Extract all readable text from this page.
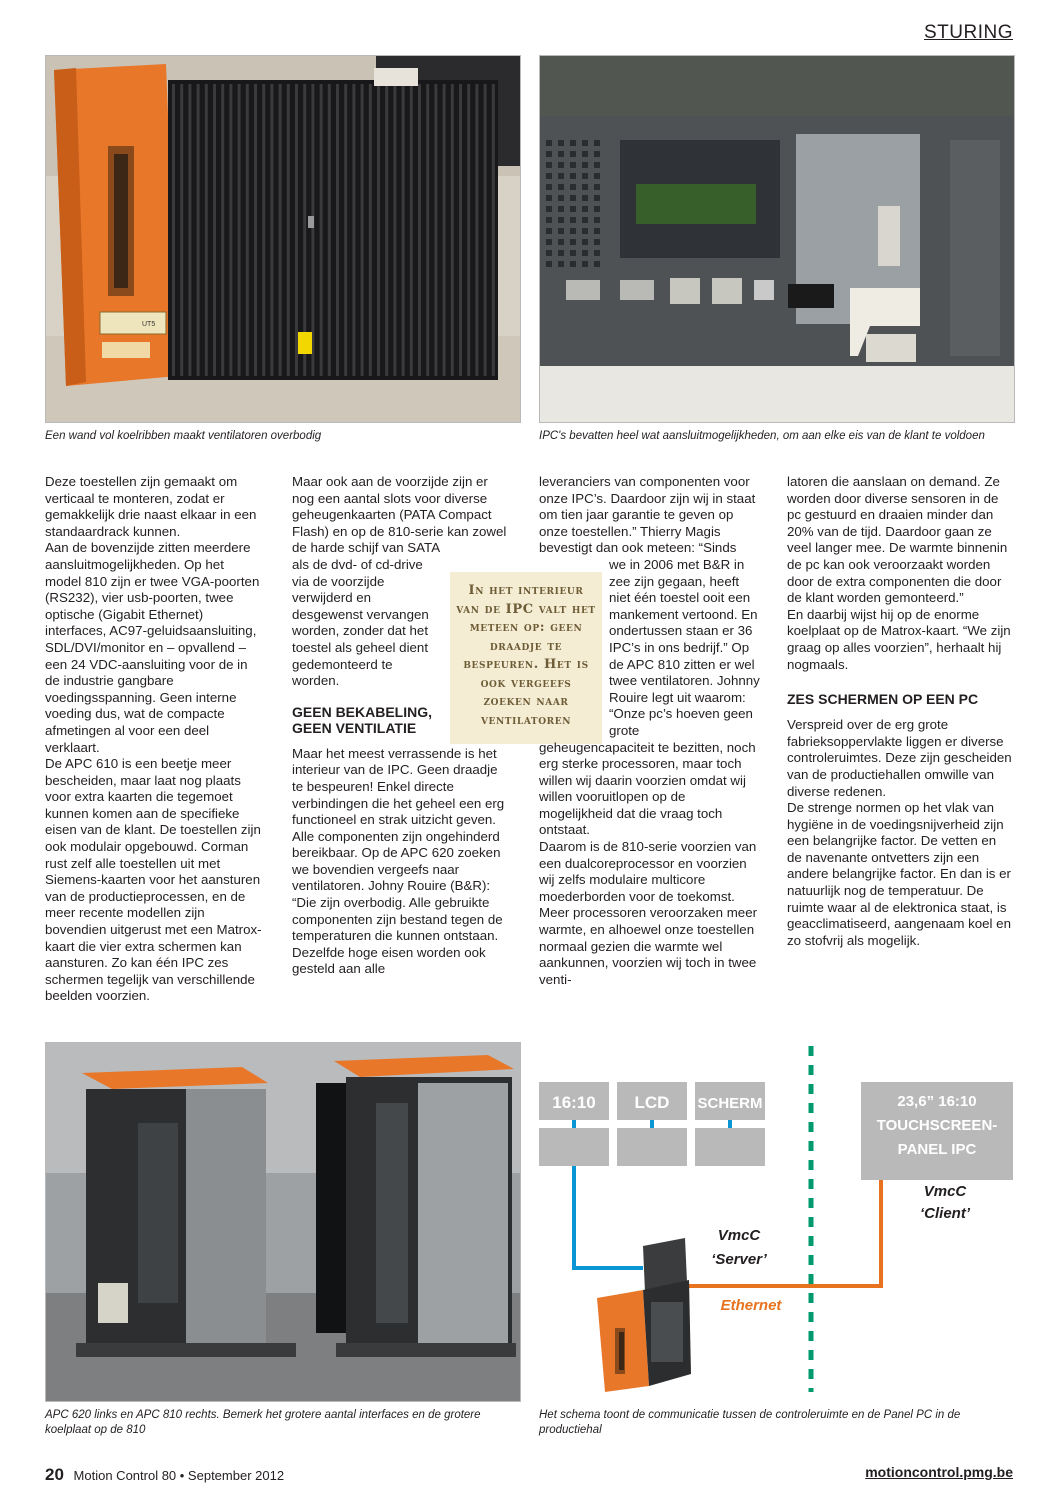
STURING
UT5
Een wand vol koelribben maakt ventilatoren overbodig	IPC's bevatten heel wat aansluitmogelijkheden, om aan elke eis van de klant te voldoen

Deze toestellen zijn gemaakt om verticaal te monteren, zodat er gemakkelijk drie naast elkaar in een standaardrack kunnen.

Aan de bovenzijde zitten meerdere aansluitmogelijkheden. Op het model 810 zijn er twee VGA-poorten (RS232), vier usb-poorten, twee optische (Gigabit Ethernet) interfaces, AC97-geluidsaansluiting, SDL/DVI/monitor en – opvallend – een 24 VDC-aansluiting voor de in de industrie gangbare voedingsspanning. Geen interne voeding dus, wat de compacte afmetingen al voor een deel verklaart.

De APC 610 is een beetje meer bescheiden, maar laat nog plaats voor extra kaarten die tegemoet kunnen komen aan de specifieke eisen van de klant. De toestellen zijn ook modulair opgebouwd. Corman rust zelf alle toestellen uit met Siemens-kaarten voor het aansturen van de productieprocessen, en de meer recente modellen zijn bovendien uitgerust met een Matrox-kaart die vier extra schermen kan aansturen. Zo kan één IPC zes schermen tegelijk van verschillende beelden voorzien.

Maar ook aan de voorzijde zijn er nog een aantal slots voor diverse geheugenkaarten (PATA Compact Flash) en op de 810-serie kan zowel de harde schijf van SATA

als de dvd- of cd-drive via de voorzijde verwijderd en desgewenst vervangen worden, zonder dat het toestel als geheel dient gedemonteerd te worden.

GEEN BEKABELING, GEEN VENTILATIE

Maar het meest verrassende is het interieur van de IPC. Geen draadje te bespeuren! Enkel directe verbindingen die het geheel een erg functioneel en strak uitzicht geven. Alle componenten zijn ongehinderd bereikbaar. Op de APC 620 zoeken we bovendien vergeefs naar ventilatoren. Johny Rouire (B&R): “Die zijn overbodig. Alle gebruikte componenten zijn bestand tegen de temperaturen die kunnen ontstaan. Dezelfde hoge eisen worden ook gesteld aan alle

In het interieur van de IPC valt het meteen op: geen draadje te bespeuren. Het is ook vergeefs zoeken naar ventilatoren

leveranciers van componenten voor onze IPC’s. Daardoor zijn wij in staat om tien jaar garantie te geven op onze toestellen.” Thierry Magis bevestigt dan ook meteen: “Sinds

we in 2006 met B&R in zee zijn gegaan, heeft niet één toestel ooit een mankement vertoond. En ondertussen staan er 36 IPC’s in ons bedrijf.” Op de APC 810 zitten er wel twee ventilatoren. Johnny Rouire legt uit waarom: “Onze pc’s hoeven geen grote

geheugencapaciteit te bezitten, noch erg sterke processoren, maar toch willen wij daarin voorzien omdat wij willen vooruitlopen op de mogelijkheid dat die vraag toch ontstaat.

Daarom is de 810-serie voorzien van een dualcoreprocessor en voorzien wij zelfs modulaire multicore moederborden voor de toekomst. Meer processoren veroorzaken meer warmte, en alhoewel onze toestellen normaal gezien die warmte wel aankunnen, voorzien wij toch in twee venti-

latoren die aanslaan on demand. Ze worden door diverse sensoren in de pc gestuurd en draaien minder dan 20% van de tijd. Daardoor gaan ze veel langer mee. De warmte binnenin de pc kan ook veroorzaakt worden door de extra componenten die door de klant worden gemonteerd.”

En daarbij wijst hij op de enorme koelplaat op de Matrox-kaart. “We zijn graag op alles voorzien”, herhaalt hij nogmaals.

ZES SCHERMEN OP EEN PC

Verspreid over de erg grote fabrieksoppervlakte liggen er diverse controleruimtes. Deze zijn gescheiden van de productiehallen omwille van diverse redenen.

De strenge normen op het vlak van hygiëne in de voedingsnijverheid zijn een belangrijke factor. De vetten en de navenante ontvetters zijn een andere belangrijke factor. En dan is er natuurlijk nog de temperatuur. De ruimte waar al de elektronica staat, is geacclimatiseerd, aangenaam koel en zo stofvrij als mogelijk.

APC 620 links en APC 810 rechts. Bemerk het grotere aantal interfaces en de grotere koelplaat op de 810
16:10 LCD SCHERM	23,6” 16:10
TOUCHSCREEN-
PANEL IPC
Ethernet
VmcC
‘Client’
VmcC
‘Server’
Het schema toont de communicatie tussen de controleruimte en de Panel PC in de productiehal
20 Motion Control 80 • September 2012	motioncontrol.pmg.be
